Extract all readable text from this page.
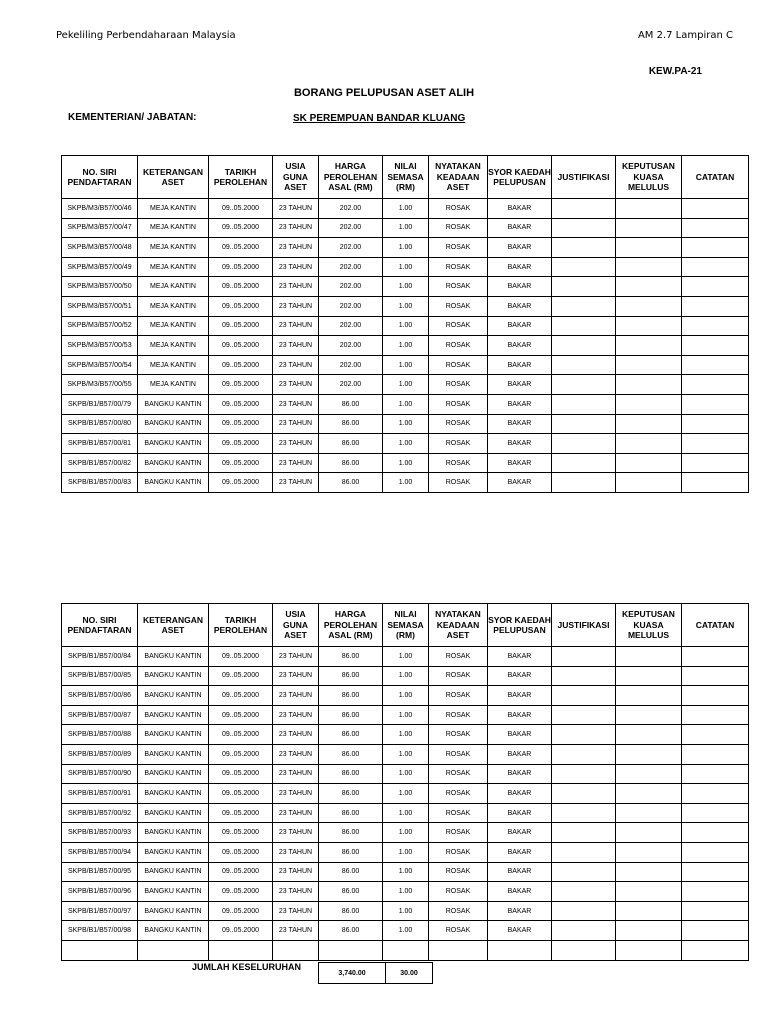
Pekeliling Perbendaharaan Malaysia	AM 2.7 Lampiran C
KEW.PA-21
BORANG PELUPUSAN ASET ALIH
KEMENTERIAN/ JABATAN:	SK PEREMPUAN BANDAR KLUANG
NO. SIRI PENDAFTARAN	KETERANGAN ASET	TARIKH PEROLEHAN	USIA GUNA ASET	HARGA PEROLEHAN ASAL (RM)	NILAI SEMASA (RM)	NYATAKAN KEADAAN ASET	SYOR KAEDAH PELUPUSAN	JUSTIFIKASI	KEPUTUSAN KUASA MELULUS	CATATAN
SKPB/M3/B57/00/46	MEJA KANTIN	09..05.2000	23 TAHUN	202.00	1.00	ROSAK	BAKAR			
SKPB/M3/B57/00/47	MEJA KANTIN	09..05.2000	23 TAHUN	202.00	1.00	ROSAK	BAKAR			
SKPB/M3/B57/00/48	MEJA KANTIN	09..05.2000	23 TAHUN	202.00	1.00	ROSAK	BAKAR			
SKPB/M3/B57/00/49	MEJA KANTIN	09..05.2000	23 TAHUN	202.00	1.00	ROSAK	BAKAR			
SKPB/M3/B57/00/50	MEJA KANTIN	09..05.2000	23 TAHUN	202.00	1.00	ROSAK	BAKAR			
SKPB/M3/B57/00/51	MEJA KANTIN	09..05.2000	23 TAHUN	202.00	1.00	ROSAK	BAKAR			
SKPB/M3/B57/00/52	MEJA KANTIN	09..05.2000	23 TAHUN	202.00	1.00	ROSAK	BAKAR			
SKPB/M3/B57/00/53	MEJA KANTIN	09..05.2000	23 TAHUN	202.00	1.00	ROSAK	BAKAR			
SKPB/M3/B57/00/54	MEJA KANTIN	09..05.2000	23 TAHUN	202.00	1.00	ROSAK	BAKAR			
SKPB/M3/B57/00/55	MEJA KANTIN	09..05.2000	23 TAHUN	202.00	1.00	ROSAK	BAKAR			
SKPB/B1/B57/00/79	BANGKU KANTIN	09..05.2000	23 TAHUN	86.00	1.00	ROSAK	BAKAR			
SKPB/B1/B57/00/80	BANGKU KANTIN	09..05.2000	23 TAHUN	86.00	1.00	ROSAK	BAKAR			
SKPB/B1/B57/00/81	BANGKU KANTIN	09..05.2000	23 TAHUN	86.00	1.00	ROSAK	BAKAR			
SKPB/B1/B57/00/82	BANGKU KANTIN	09..05.2000	23 TAHUN	86.00	1.00	ROSAK	BAKAR			
SKPB/B1/B57/00/83	BANGKU KANTIN	09..05.2000	23 TAHUN	86.00	1.00	ROSAK	BAKAR			
NO. SIRI PENDAFTARAN	KETERANGAN ASET	TARIKH PEROLEHAN	USIA GUNA ASET	HARGA PEROLEHAN ASAL (RM)	NILAI SEMASA (RM)	NYATAKAN KEADAAN ASET	SYOR KAEDAH PELUPUSAN	JUSTIFIKASI	KEPUTUSAN KUASA MELULUS	CATATAN
SKPB/B1/B57/00/84	BANGKU KANTIN	09..05.2000	23 TAHUN	86.00	1.00	ROSAK	BAKAR			
SKPB/B1/B57/00/85	BANGKU KANTIN	09..05.2000	23 TAHUN	86.00	1.00	ROSAK	BAKAR			
SKPB/B1/B57/00/86	BANGKU KANTIN	09..05.2000	23 TAHUN	86.00	1.00	ROSAK	BAKAR			
SKPB/B1/B57/00/87	BANGKU KANTIN	09..05.2000	23 TAHUN	86.00	1.00	ROSAK	BAKAR			
SKPB/B1/B57/00/88	BANGKU KANTIN	09..05.2000	23 TAHUN	86.00	1.00	ROSAK	BAKAR			
SKPB/B1/B57/00/89	BANGKU KANTIN	09..05.2000	23 TAHUN	86.00	1.00	ROSAK	BAKAR			
SKPB/B1/B57/00/90	BANGKU KANTIN	09..05.2000	23 TAHUN	86.00	1.00	ROSAK	BAKAR			
SKPB/B1/B57/00/91	BANGKU KANTIN	09..05.2000	23 TAHUN	86.00	1.00	ROSAK	BAKAR			
SKPB/B1/B57/00/92	BANGKU KANTIN	09..05.2000	23 TAHUN	86.00	1.00	ROSAK	BAKAR			
SKPB/B1/B57/00/93	BANGKU KANTIN	09..05.2000	23 TAHUN	86.00	1.00	ROSAK	BAKAR			
SKPB/B1/B57/00/94	BANGKU KANTIN	09..05.2000	23 TAHUN	86.00	1.00	ROSAK	BAKAR			
SKPB/B1/B57/00/95	BANGKU KANTIN	09..05.2000	23 TAHUN	86.00	1.00	ROSAK	BAKAR			
SKPB/B1/B57/00/96	BANGKU KANTIN	09..05.2000	23 TAHUN	86.00	1.00	ROSAK	BAKAR			
SKPB/B1/B57/00/97	BANGKU KANTIN	09..05.2000	23 TAHUN	86.00	1.00	ROSAK	BAKAR			
SKPB/B1/B57/00/98	BANGKU KANTIN	09..05.2000	23 TAHUN	86.00	1.00	ROSAK	BAKAR			

JUMLAH KESELURUHAN
3,740.00	30.00
